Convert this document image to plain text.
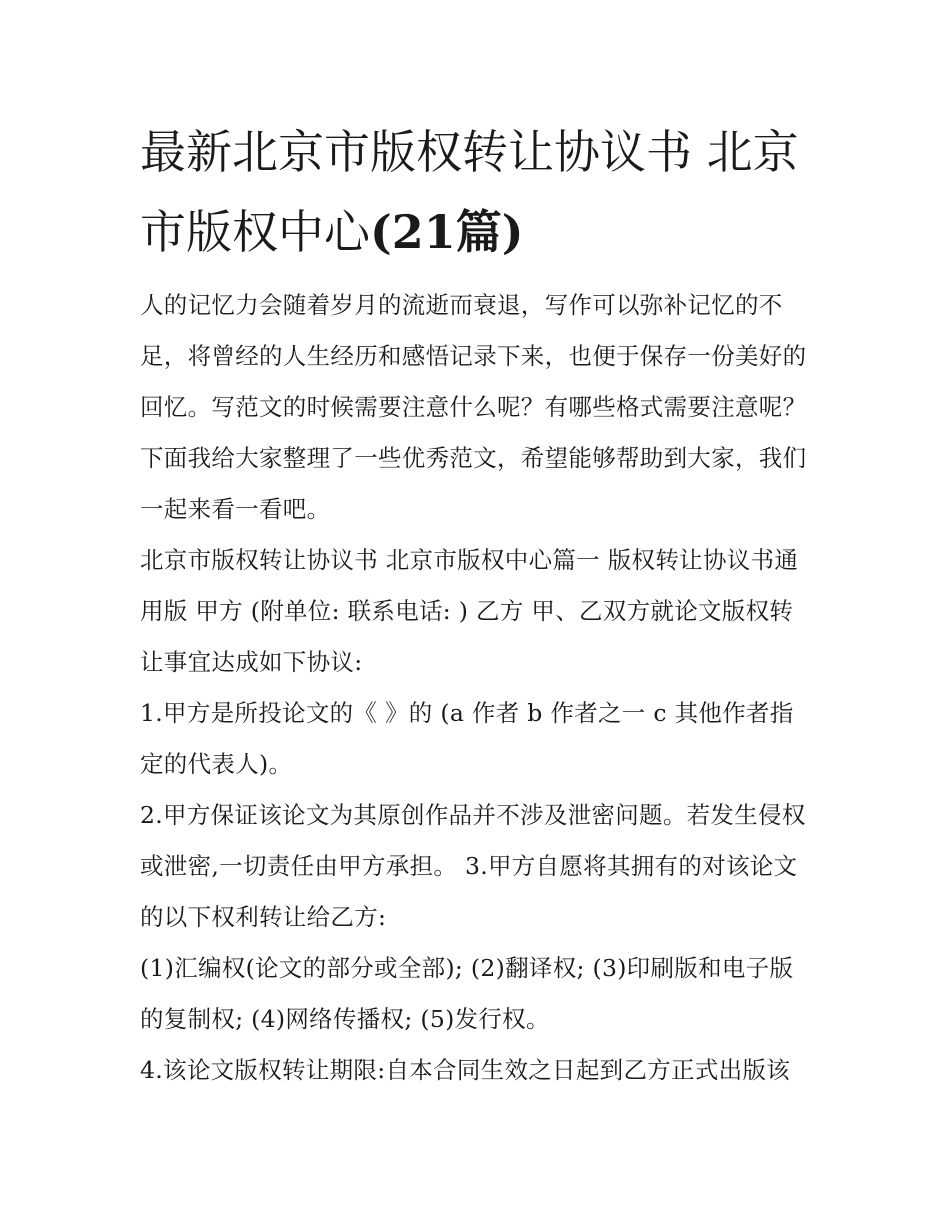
最新北京市版权转让协议书 北京市版权中心(21篇)

人的记忆力会随着岁月的流逝而衰退，写作可以弥补记忆的不足，将曾经的人生经历和感悟记录下来，也便于保存一份美好的回忆。写范文的时候需要注意什么呢？有哪些格式需要注意呢？下面我给大家整理了一些优秀范文，希望能够帮助到大家，我们一起来看一看吧。

北京市版权转让协议书 北京市版权中心篇一 版权转让协议书通用版 甲方 (附单位: 联系电话: ) 乙方 甲、乙双方就论文版权转让事宜达成如下协议:

1.甲方是所投论文的《 》的 (a 作者 b 作者之一 c 其他作者指定的代表人)。

2.甲方保证该论文为其原创作品并不涉及泄密问题。若发生侵权或泄密,一切责任由甲方承担。 3.甲方自愿将其拥有的对该论文的以下权利转让给乙方:

(1)汇编权(论文的部分或全部); (2)翻译权; (3)印刷版和电子版的复制权; (4)网络传播权; (5)发行权。

4.该论文版权转让期限:自本合同生效之日起到乙方正式出版该
